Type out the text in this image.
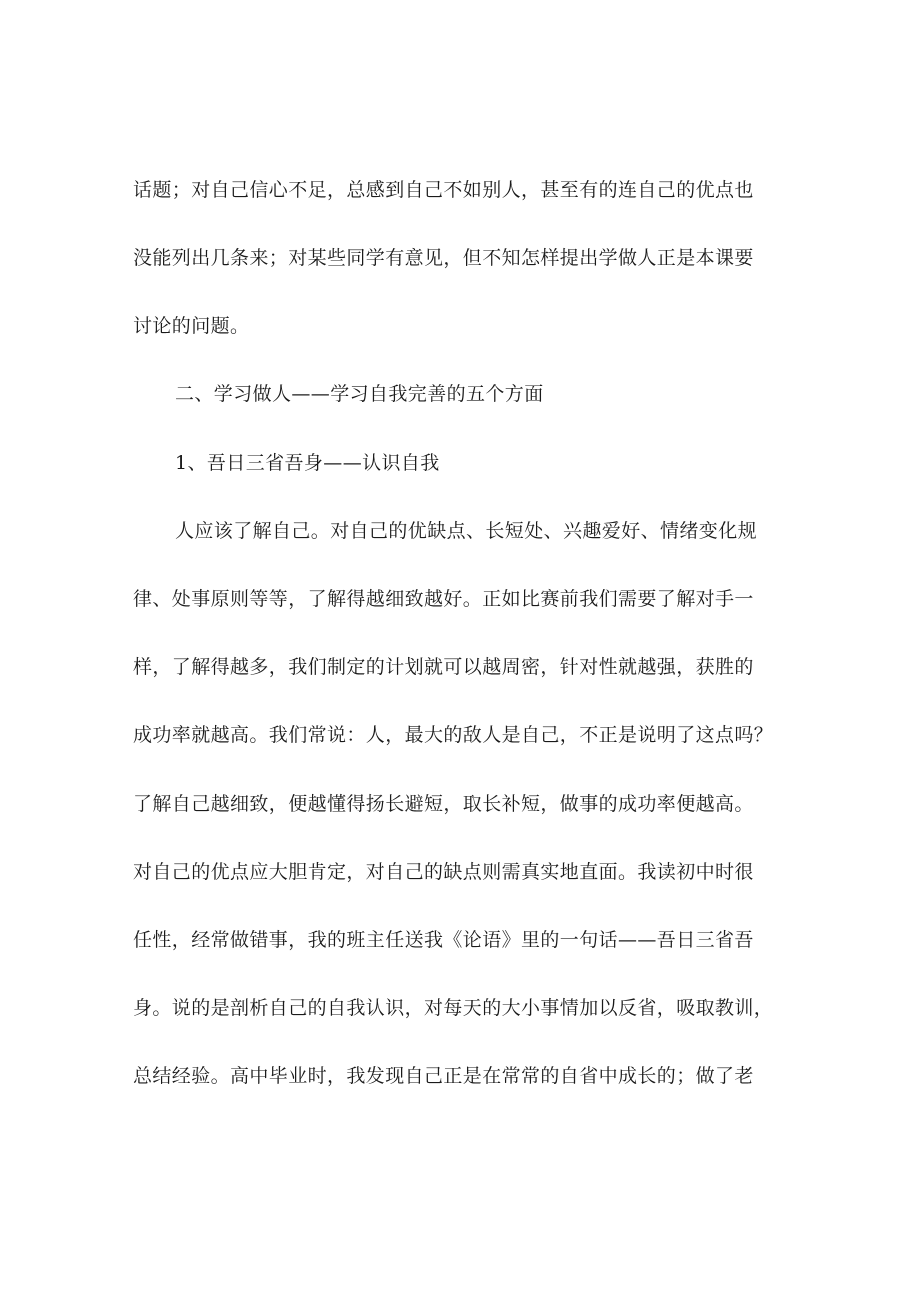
话题；对自己信心不足，总感到自己不如别人，甚至有的连自己的优点也
没能列出几条来；对某些同学有意见，但不知怎样提出学做人正是本课要
讨论的问题。
二、学习做人——学习自我完善的五个方面
1、吾日三省吾身——认识自我
人应该了解自己。对自己的优缺点、长短处、兴趣爱好、情绪变化规
律、处事原则等等，了解得越细致越好。正如比赛前我们需要了解对手一
样，了解得越多，我们制定的计划就可以越周密，针对性就越强，获胜的
成功率就越高。我们常说：人，最大的敌人是自己，不正是说明了这点吗？
了解自己越细致，便越懂得扬长避短，取长补短，做事的成功率便越高。
对自己的优点应大胆肯定，对自己的缺点则需真实地直面。我读初中时很
任性，经常做错事，我的班主任送我《论语》里的一句话——吾日三省吾
身。说的是剖析自己的自我认识，对每天的大小事情加以反省，吸取教训，
总结经验。高中毕业时，我发现自己正是在常常的自省中成长的；做了老
